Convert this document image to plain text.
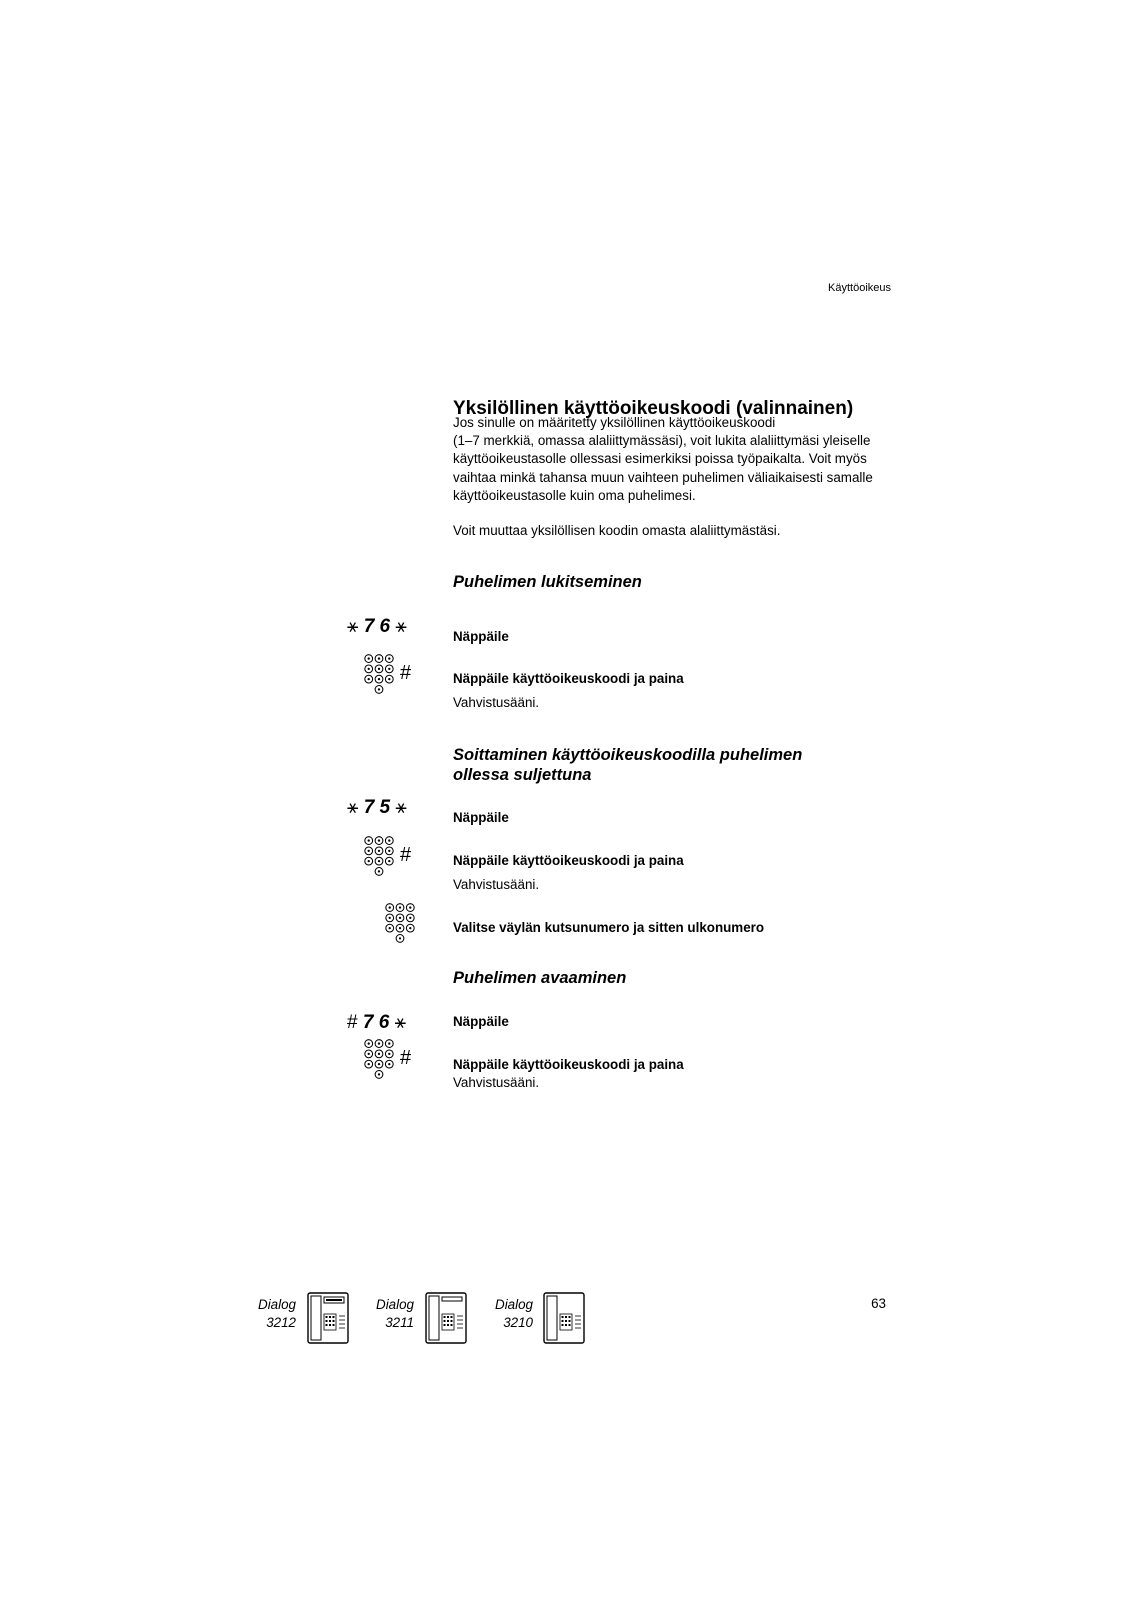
Käyttöoikeus
Yksilöllinen käyttöoikeuskoodi (valinnainen)
Jos sinulle on määritetty yksilöllinen käyttöoikeuskoodi
(1–7 merkkiä, omassa alaliittymässäsi), voit lukita alaliittymäsi yleiselle
käyttöoikeustasolle ollessasi esimerkiksi poissa työpaikalta. Voit myös
vaihtaa minkä tahansa muun vaihteen puhelimen väliaikaisesti samalle
käyttöoikeustasolle kuin oma puhelimesi.

Voit muuttaa yksilöllisen koodin omasta alaliittymästäsi.

Puhelimen lukitseminen
⚹ 7 6 ⚹	Näppäile
#	Näppäile käyttöoikeuskoodi ja paina
Vahvistusääni.
Soittaminen käyttöoikeuskoodilla puhelimen
ollessa suljettuna
⚹ 7 5 ⚹	Näppäile
#	Näppäile käyttöoikeuskoodi ja paina
Vahvistusääni.
Valitse väylän kutsunumero ja sitten ulkonumero
Puhelimen avaaminen
# 7 6 ⚹	Näppäile
#	Näppäile käyttöoikeuskoodi ja paina
Vahvistusääni.
Dialog
3212
Dialog
3211
Dialog
3210
63
